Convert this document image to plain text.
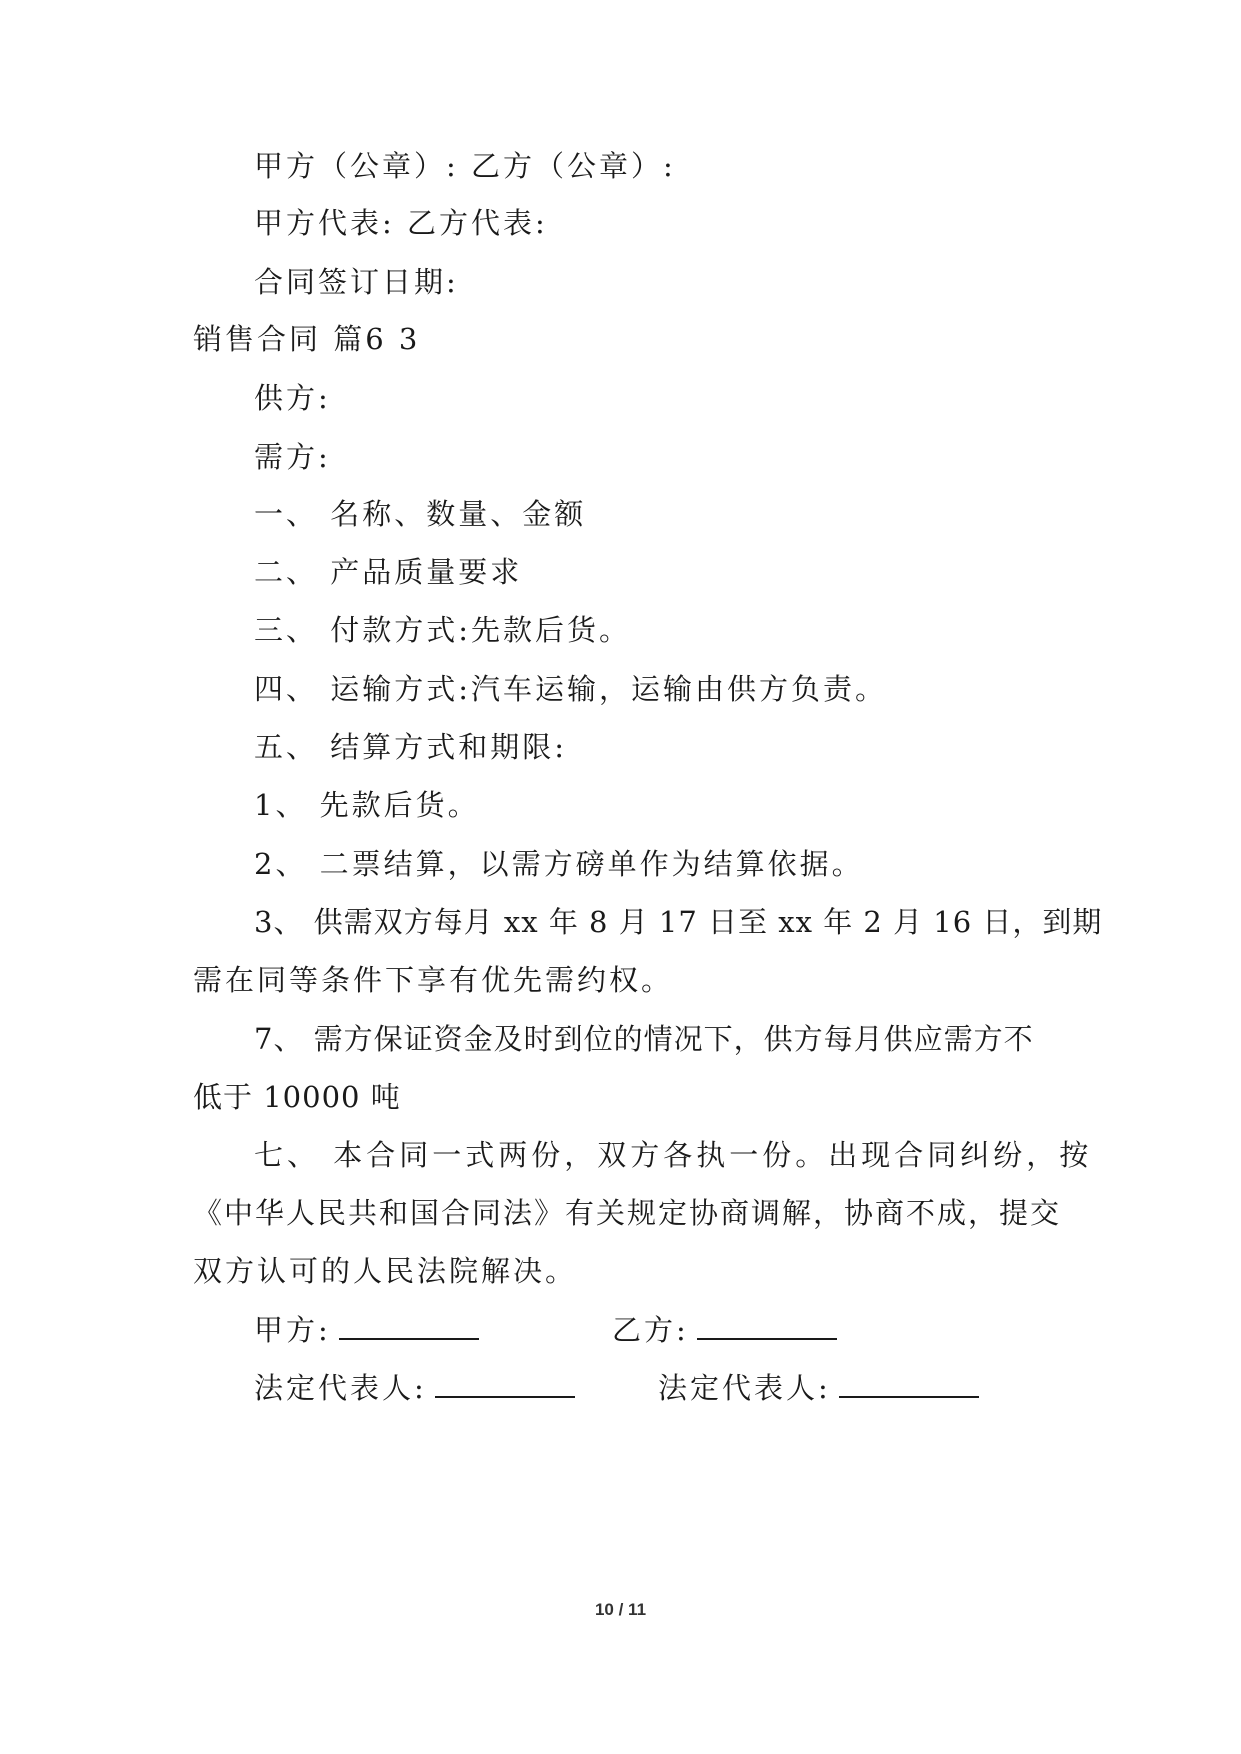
甲方（公章）: 乙方（公章）:
甲方代表: 乙方代表:
合同签订日期:
销售合同 篇6 3
供方:
需方:
一、 名称、数量、金额
二、 产品质量要求
三、 付款方式:先款后货。
四、 运输方式:汽车运输，运输由供方负责。
五、 结算方式和期限:
1、 先款后货。
2、 二票结算，以需方磅单作为结算依据。
3、 供需双方每月 xx 年 8 月 17 日至 xx 年 2 月 16 日，到期
需在同等条件下享有优先需约权。
7、 需方保证资金及时到位的情况下，供方每月供应需方不
低于 10000 吨
七、 本合同一式两份，双方各执一份。出现合同纠纷，按
《中华人民共和国合同法》有关规定协商调解，协商不成，提交
双方认可的人民法院解决。
甲方:	乙方:
法定代表人:	法定代表人:
10 / 11
